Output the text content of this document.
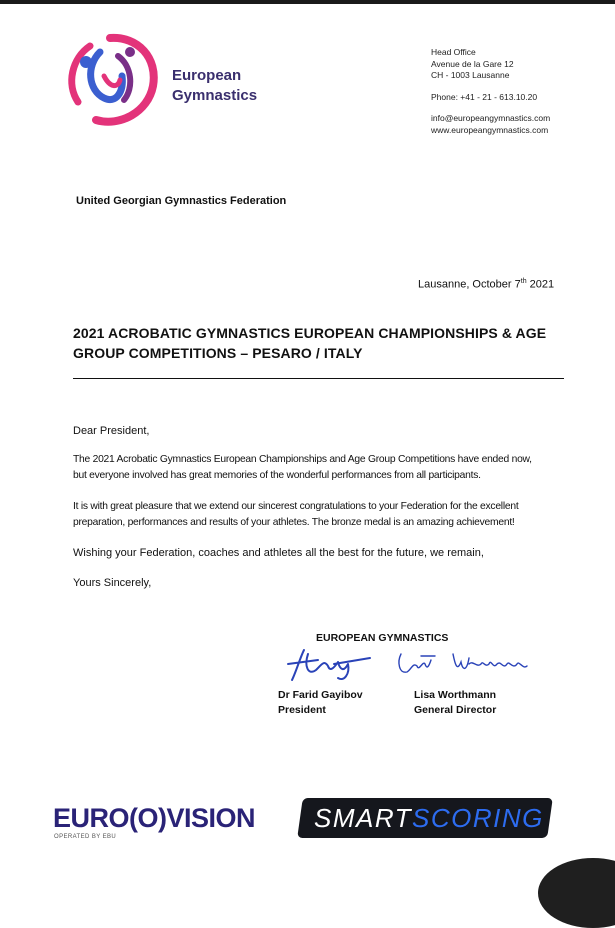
European
Gymnastics
Head Office
Avenue de la Gare 12
CH - 1003 Lausanne
Phone: +41 - 21 - 613.10.20
info@europeangymnastics.com
www.europeangymnastics.com
United Georgian Gymnastics Federation
Lausanne, October 7th 2021
2021 ACROBATIC GYMNASTICS EUROPEAN CHAMPIONSHIPS & AGE
GROUP COMPETITIONS – PESARO / ITALY
Dear President,
The 2021 Acrobatic Gymnastics European Championships and Age Group Competitions have ended now,
but everyone involved has great memories of the wonderful performances from all participants.
It is with great pleasure that we extend our sincerest congratulations to your Federation for the excellent
preparation, performances and results of your athletes. The bronze medal is an amazing achievement!
Wishing your Federation, coaches and athletes all the best for the future, we remain,
Yours Sincerely,
EUROPEAN GYMNASTICS
Dr Farid Gayibov
President
Lisa Worthmann
General Director
EURO(O)VISION
OPERATED BY EBU
SMARTSCORING
